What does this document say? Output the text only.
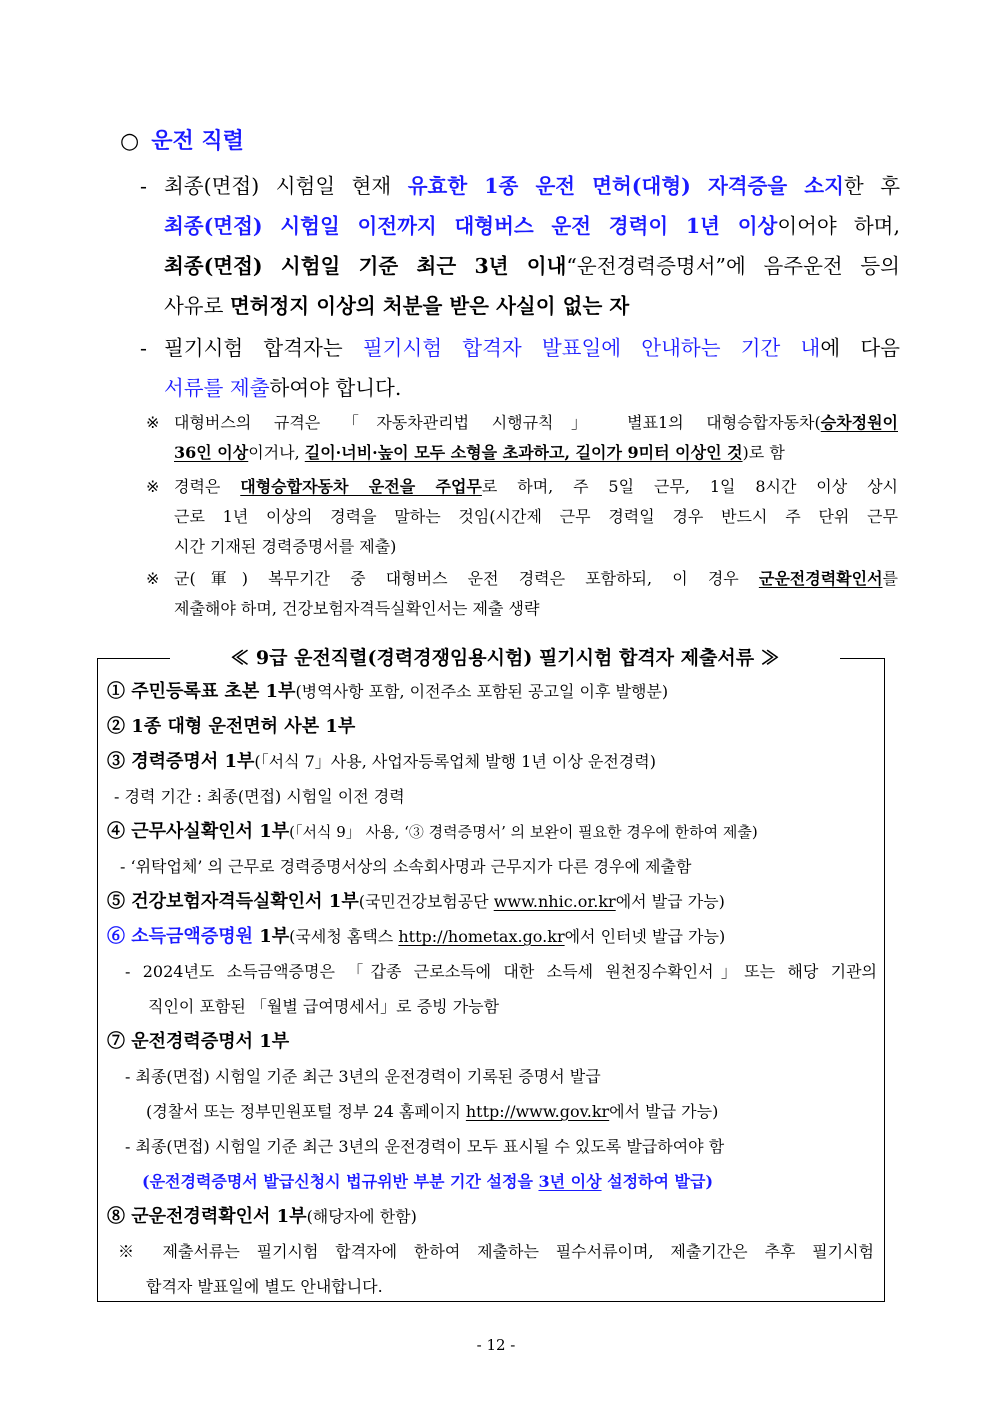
○ 운전 직렬
- 최종(면접) 시험일 현재 유효한 1종 운전 면허(대형) 자격증을 소지한 후
최종(면접) 시험일 이전까지 대형버스 운전 경력이 1년 이상이어야 하며,
최종(면접) 시험일 기준 최근 3년 이내“운전경력증명서”에 음주운전 등의
사유로 면허정지 이상의 처분을 받은 사실이 없는 자
- 필기시험 합격자는 필기시험 합격자 발표일에 안내하는 기간 내에 다음
서류를 제출하여야 합니다.
※ 대형버스의 규격은 「자동차관리법 시행규칙」 별표1의 대형승합자동차(승차정원이
36인 이상이거나, 길이·너비·높이 모두 소형을 초과하고, 길이가 9미터 이상인 것)로 함
※ 경력은 대형승합자동차 운전을 주업무로 하며, 주 5일 근무, 1일 8시간 이상 상시
근로 1년 이상의 경력을 말하는 것임(시간제 근무 경력일 경우 반드시 주 단위 근무
시간 기재된 경력증명서를 제출)
※ 군(軍) 복무기간 중 대형버스 운전 경력은 포함하되, 이 경우 군운전경력확인서를
제출해야 하며, 건강보험자격득실확인서는 제출 생략
≪ 9급 운전직렬(경력경쟁임용시험) 필기시험 합격자 제출서류 ≫
① 주민등록표 초본 1부(병역사항 포함, 이전주소 포함된 공고일 이후 발행분)
② 1종 대형 운전면허 사본 1부
③ 경력증명서 1부(「서식 7」사용, 사업자등록업체 발행 1년 이상 운전경력)
- 경력 기간 : 최종(면접) 시험일 이전 경력
④ 근무사실확인서 1부(「서식 9」 사용, ‘③ 경력증명서’ 의 보완이 필요한 경우에 한하여 제출)
- ‘위탁업체’ 의 근무로 경력증명서상의 소속회사명과 근무지가 다른 경우에 제출함
⑤ 건강보험자격득실확인서 1부(국민건강보험공단 www.nhic.or.kr에서 발급 가능)
⑥ 소득금액증명원 1부(국세청 홈택스 http://hometax.go.kr에서 인터넷 발급 가능)
- 2024년도 소득금액증명은 「갑종 근로소득에 대한 소득세 원천징수확인서」또는 해당 기관의
직인이 포함된 「월별 급여명세서」로 증빙 가능함
⑦ 운전경력증명서 1부
- 최종(면접) 시험일 기준 최근 3년의 운전경력이 기록된 증명서 발급
(경찰서 또는 정부민원포털 정부 24 홈페이지 http://www.gov.kr에서 발급 가능)
- 최종(면접) 시험일 기준 최근 3년의 운전경력이 모두 표시될 수 있도록 발급하여야 함
(운전경력증명서 발급신청시 법규위반 부분 기간 설정을 3년 이상 설정하여 발급)
⑧ 군운전경력확인서 1부(해당자에 한함)
※ 제출서류는 필기시험 합격자에 한하여 제출하는 필수서류이며, 제출기간은 추후 필기시험
합격자 발표일에 별도 안내합니다.
- 12 -
